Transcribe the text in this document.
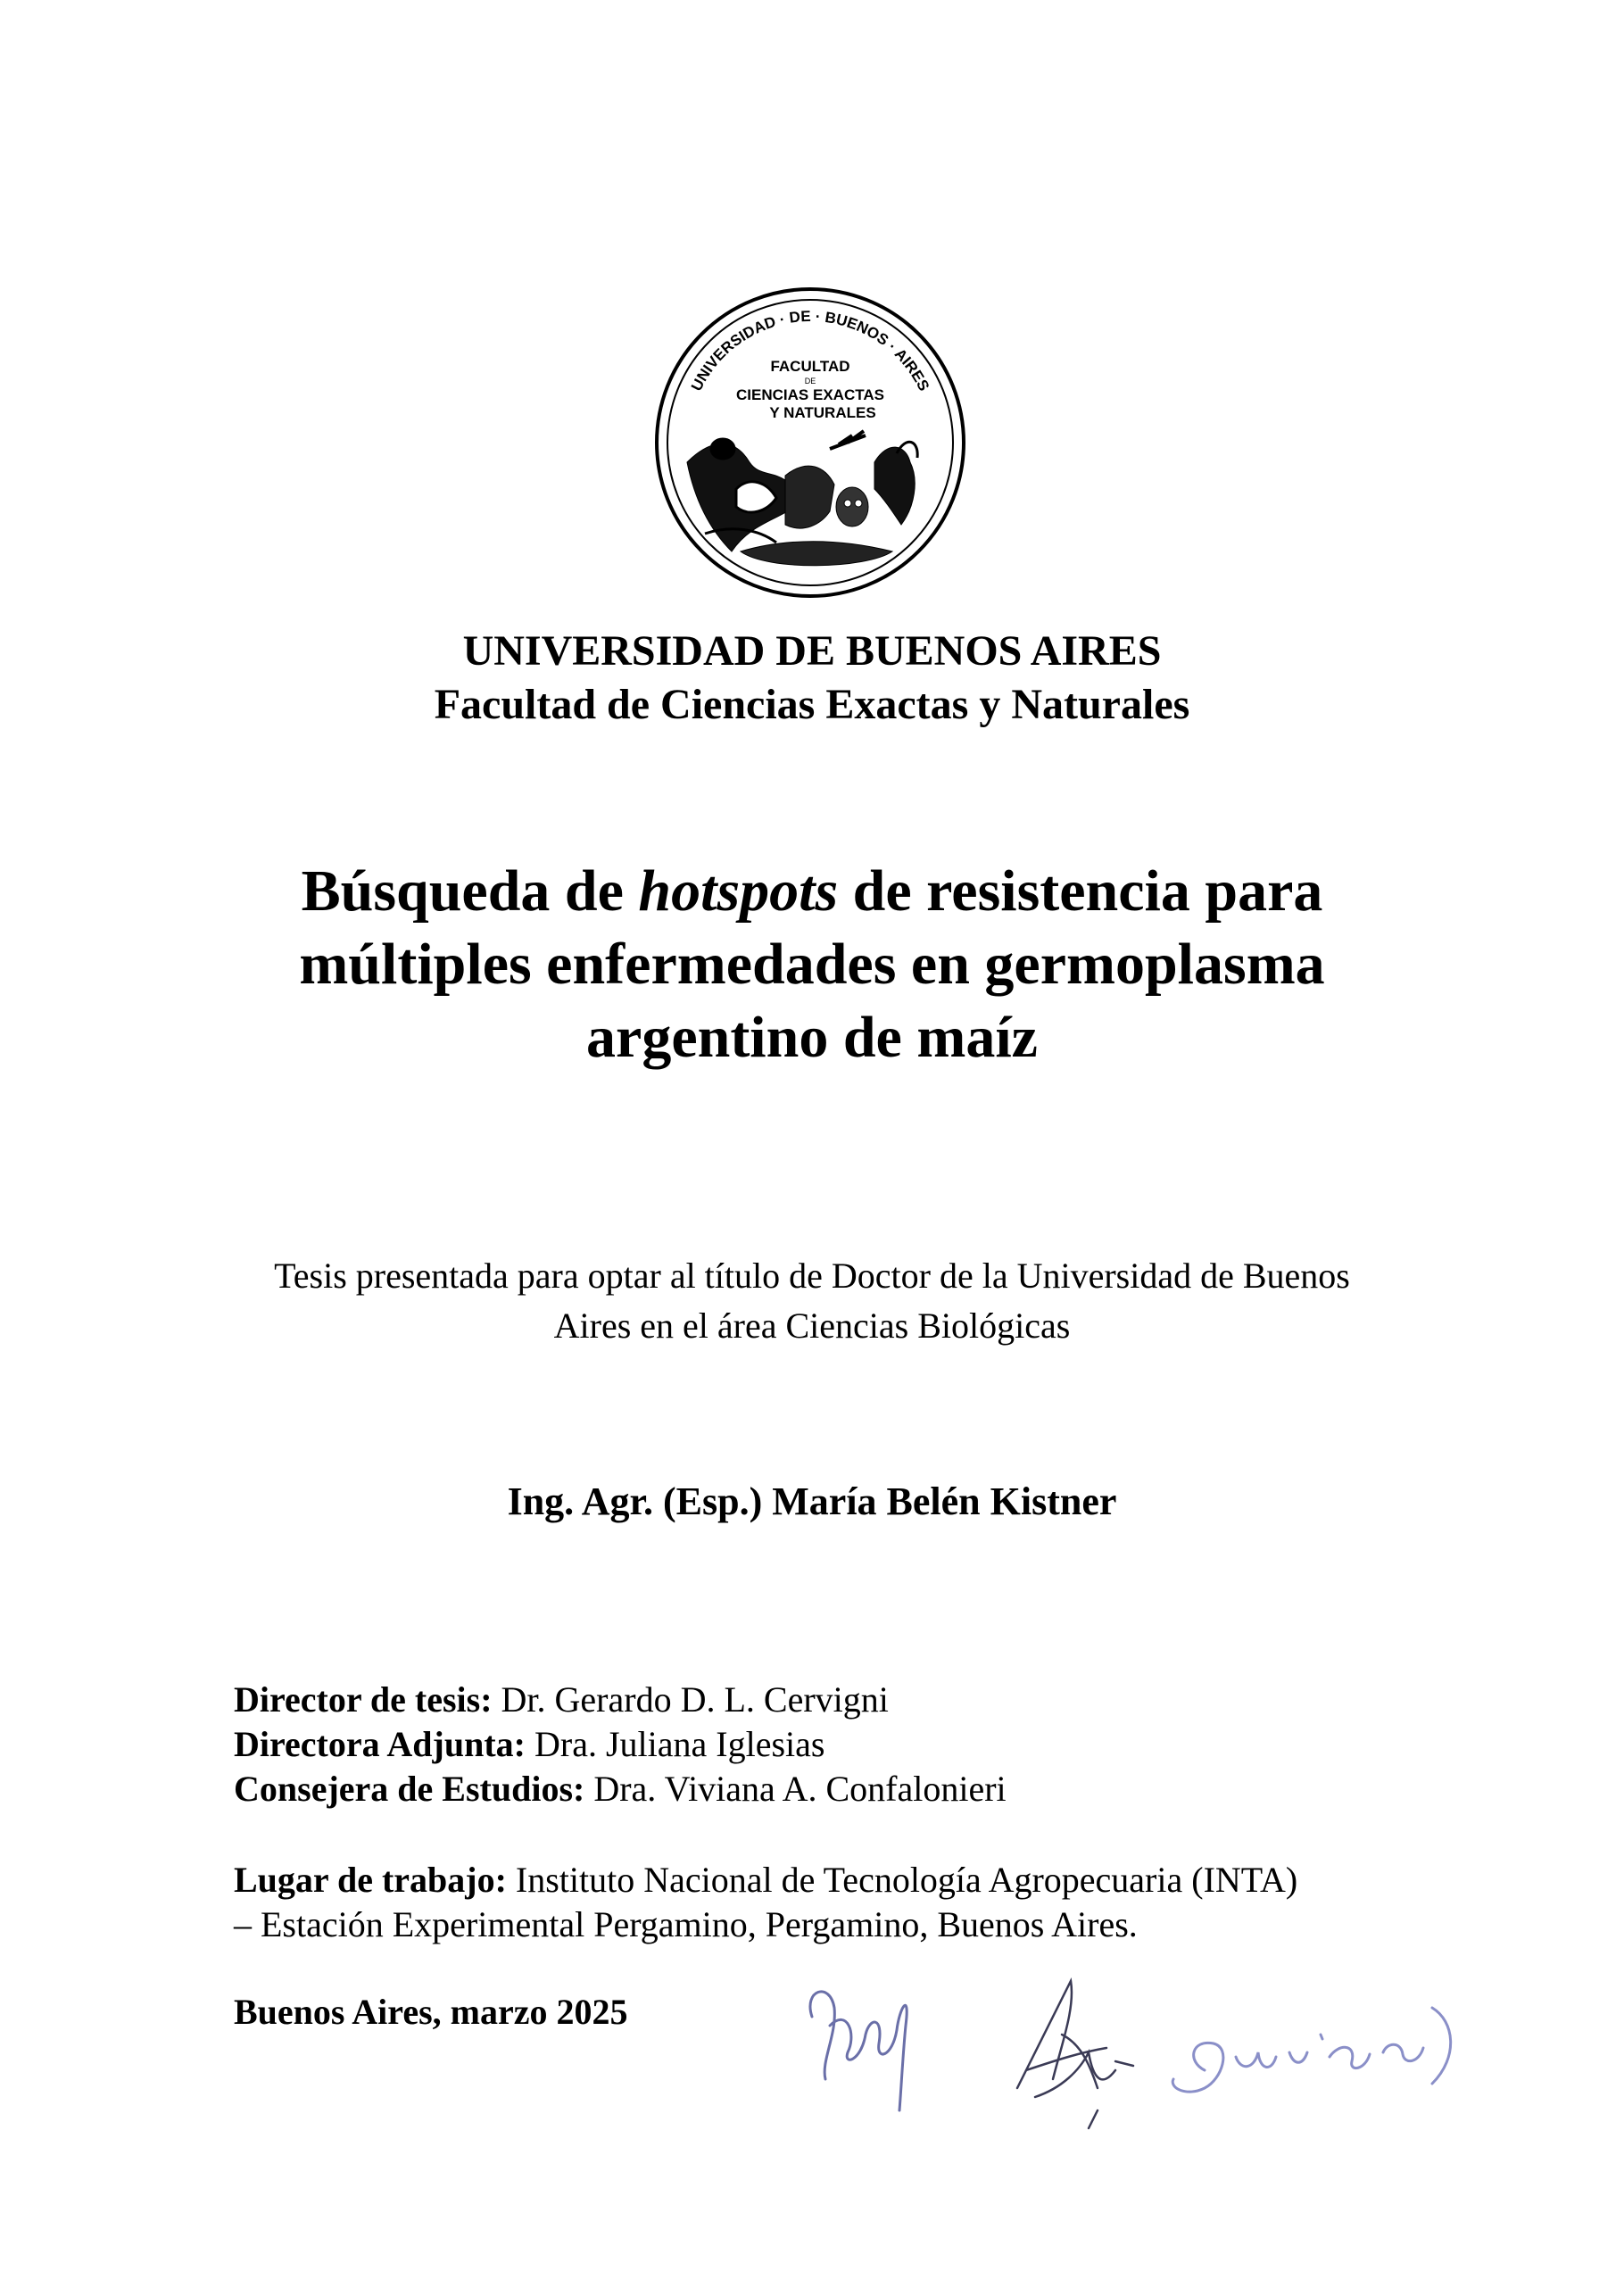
UNIVERSIDAD · DE · BUENOS · AIRES
FACULTAD
DE
CIENCIAS EXACTAS
Y NATURALES
UNIVERSIDAD DE BUENOS AIRES
Facultad de Ciencias Exactas y Naturales
Búsqueda de hotspots de resistencia para
múltiples enfermedades en germoplasma
argentino de maíz
Tesis presentada para optar al título de Doctor de la Universidad de Buenos
Aires en el área Ciencias Biológicas
Ing. Agr. (Esp.) María Belén Kistner
Director de tesis: Dr. Gerardo D. L. Cervigni
Directora Adjunta: Dra. Juliana Iglesias
Consejera de Estudios: Dra. Viviana A. Confalonieri
Lugar de trabajo: Instituto Nacional de Tecnología Agropecuaria (INTA)
– Estación Experimental Pergamino, Pergamino, Buenos Aires.
Buenos Aires, marzo 2025
